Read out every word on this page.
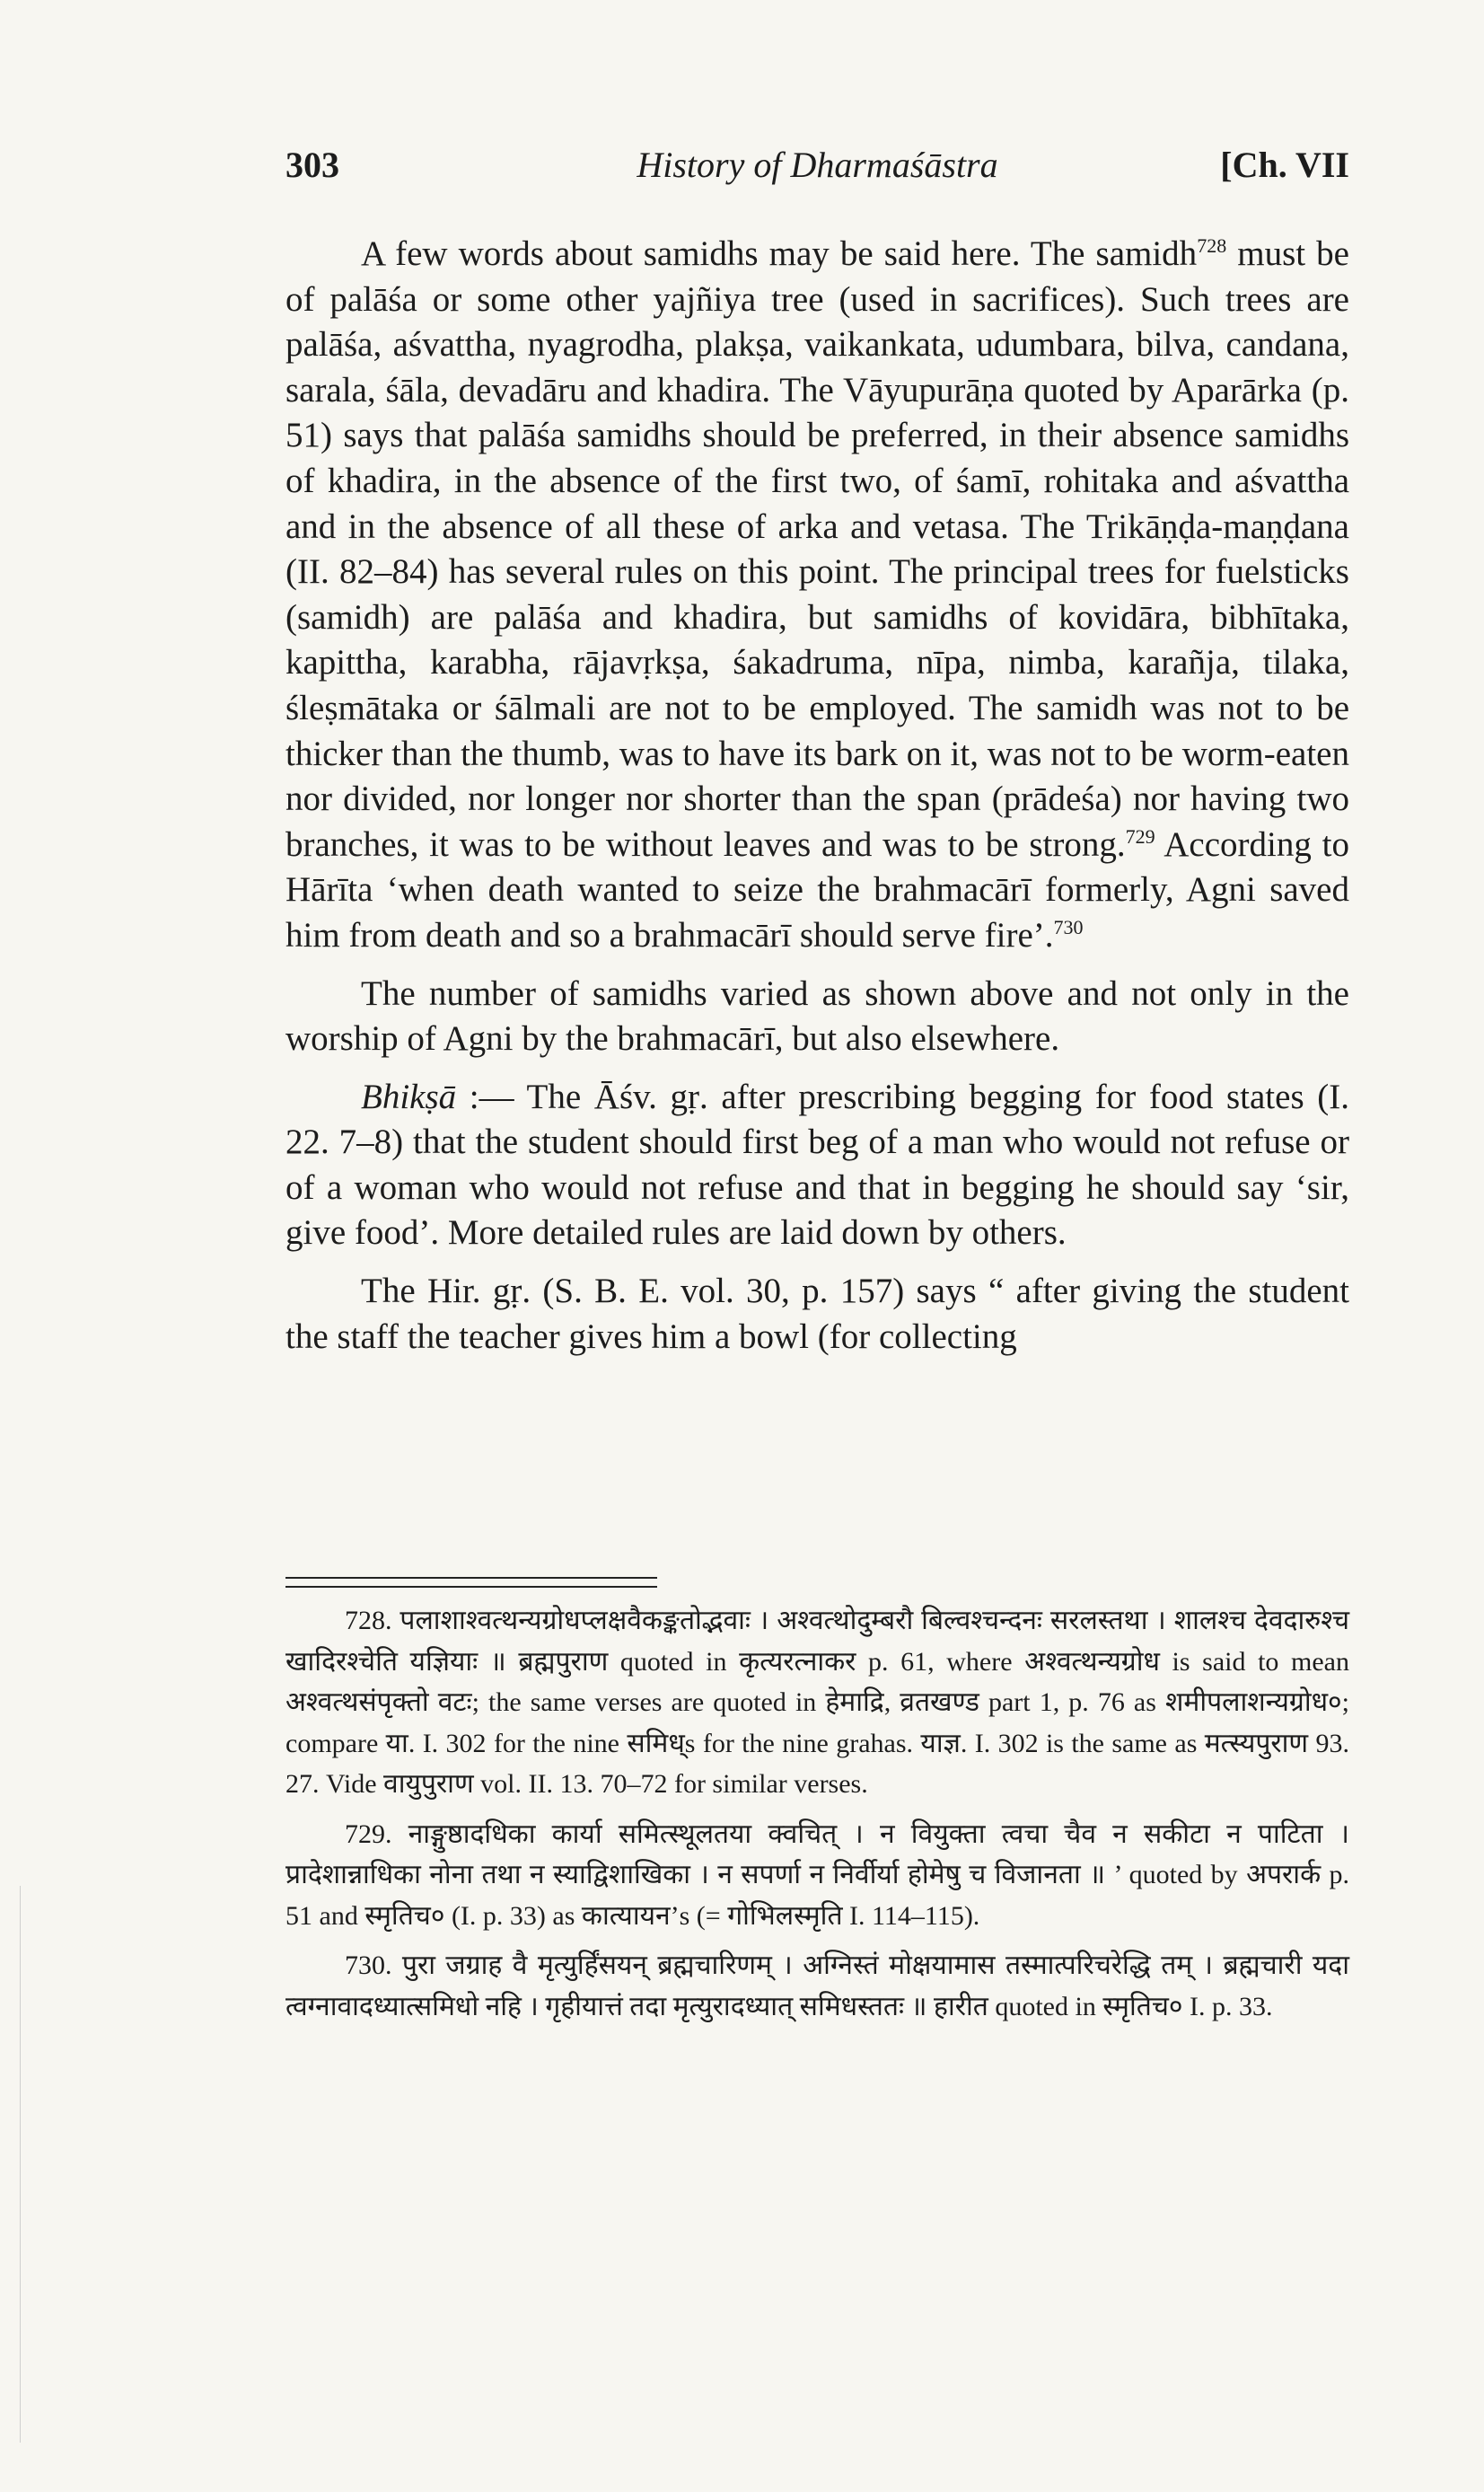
303	History of Dharmaśāstra	[Ch. VII

A few words about samidhs may be said here. The samidh$^{728}$ must be of palāśa or some other yajñiya tree (used in sacrifices). Such trees are palāśa, aśvattha, nyagrodha, plakṣa, vaikankata, udumbara, bilva, candana, sarala, śāla, devadāru and khadira. The Vāyupurāṇa quoted by Aparārka (p. 51) says that palāśa samidhs should be preferred, in their absence samidhs of khadira, in the absence of the first two, of śamī, rohitaka and aśvattha and in the absence of all these of arka and vetasa. The Trikāṇḍa-maṇḍana (II. 82–84) has several rules on this point. The principal trees for fuelsticks (samidh) are palāśa and khadira, but samidhs of kovidāra, bibhītaka, kapittha, karabha, rājavṛkṣa, śakadruma, nīpa, nimba, karañja, tilaka, śleṣmātaka or śālmali are not to be employed. The samidh was not to be thicker than the thumb, was to have its bark on it, was not to be worm-eaten nor divided, nor longer nor shorter than the span (prādeśa) nor having two branches, it was to be without leaves and was to be strong.$^{729}$ According to Hārīta ‘when death wanted to seize the brahmacārī formerly, Agni saved him from death and so a brahmacārī should serve fire’.$^{730}$

The number of samidhs varied as shown above and not only in the worship of Agni by the brahmacārī, but also elsewhere.

Bhikṣā :— The Āśv. gṛ. after prescribing begging for food states (I. 22. 7–8) that the student should first beg of a man who would not refuse or of a woman who would not refuse and that in begging he should say ‘sir, give food’. More detailed rules are laid down by others.

The Hir. gṛ. (S. B. E. vol. 30, p. 157) says “ after giving the student the staff the teacher gives him a bowl (for collecting

728. पलाशाश्वत्थन्यग्रोधप्लक्षवैकङ्कतोद्भवाः । अश्वत्थोदुम्बरौ बिल्वश्चन्दनः सरलस्तथा । शालश्च देवदारुश्च खादिरश्चेति यज्ञियाः ॥ ब्रह्मपुराण quoted in कृत्यरत्नाकर p. 61, where अश्वत्थन्यग्रोध is said to mean अश्वत्थसंपृक्तो वटः; the same verses are quoted in हेमाद्रि, व्रतखण्ड part 1, p. 76 as शमीपलाशन्यग्रोध०; compare या. I. 302 for the nine समिध्s for the nine grahas. याज्ञ. I. 302 is the same as मत्स्यपुराण 93. 27. Vide वायुपुराण vol. II. 13. 70–72 for similar verses.

729. नाङ्गुष्ठादधिका कार्या समित्स्थूलतया क्वचित् । न वियुक्ता त्वचा चैव न सकीटा न पाटिता । प्रादेशान्नाधिका नोना तथा न स्याद्विशाखिका । न सपर्णा न निर्वीर्या होमेषु च विजानता ॥ ’ quoted by अपरार्क p. 51 and स्मृतिच० (I. p. 33) as कात्यायन’s (= गोभिलस्मृति I. 114–115).

730. पुरा जग्राह वै मृत्युर्हिंसयन् ब्रह्मचारिणम् । अग्निस्तं मोक्षयामास तस्मात्परिचरेद्धि तम् । ब्रह्मचारी यदा त्वग्नावादध्यात्समिधो नहि । गृहीयात्तं तदा मृत्युरादध्यात् समिधस्ततः ॥ हारीत quoted in स्मृतिच० I. p. 33.
